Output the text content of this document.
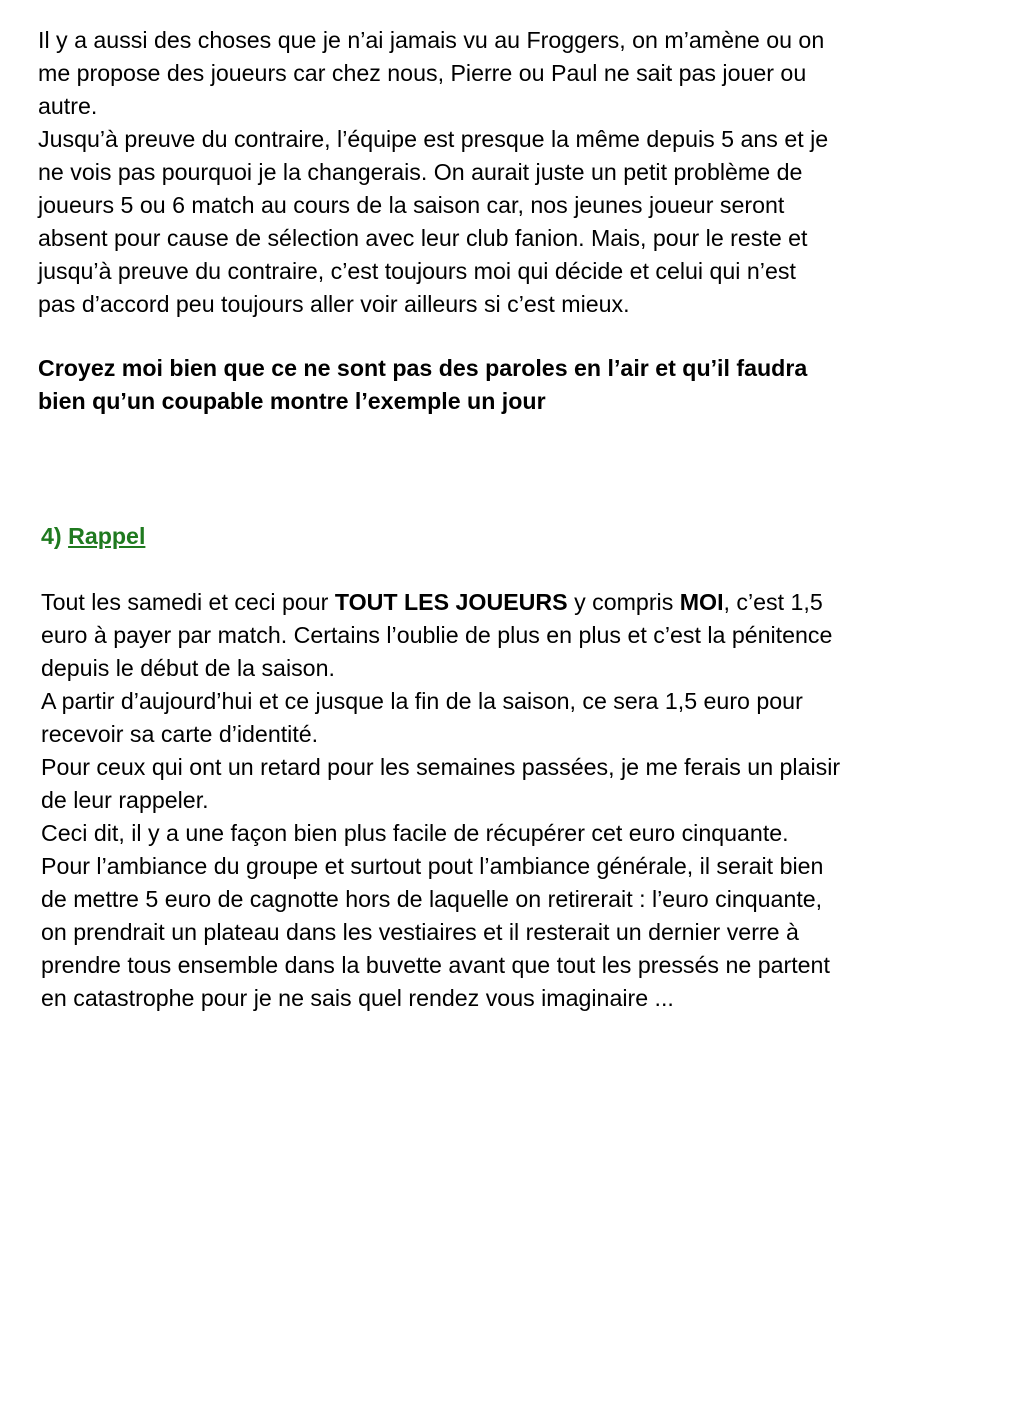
Il y a aussi des choses que je n’ai jamais vu au Froggers, on m’amène ou on
me propose des joueurs car chez nous, Pierre ou Paul ne sait pas jouer ou
autre.
Jusqu’à preuve du contraire, l’équipe est presque la même depuis 5 ans et je
ne vois pas pourquoi je la changerais. On aurait juste un petit problème de
joueurs 5 ou 6 match au cours de la saison car, nos jeunes joueur seront
absent pour cause de sélection avec leur club fanion. Mais, pour le reste et
jusqu’à preuve du contraire, c’est toujours moi qui décide et celui qui n’est
pas d’accord peu toujours aller voir ailleurs si c’est mieux.
Croyez moi bien que ce ne sont pas des paroles en l’air et qu’il faudra
bien qu’un coupable montre l’exemple un jour
4) Rappel
Tout les samedi et ceci pour TOUT LES JOUEURS y compris MOI, c’est 1,5
euro à payer par match. Certains l’oublie de plus en plus et c’est la pénitence
depuis le début de la saison.
A partir d’aujourd’hui et ce jusque la fin de la saison, ce sera 1,5 euro pour
recevoir sa carte d’identité.
Pour ceux qui ont un retard pour les semaines passées, je me ferais un plaisir
de leur rappeler.
Ceci dit, il y a une façon bien plus facile de récupérer cet euro cinquante.
Pour l’ambiance du groupe et surtout pout l’ambiance générale, il serait bien
de mettre 5 euro de cagnotte hors de laquelle on retirerait : l’euro cinquante,
on prendrait un plateau dans les vestiaires et il resterait un dernier verre à
prendre tous ensemble dans la buvette avant que tout les pressés ne partent
en catastrophe pour je ne sais quel rendez vous imaginaire ...
